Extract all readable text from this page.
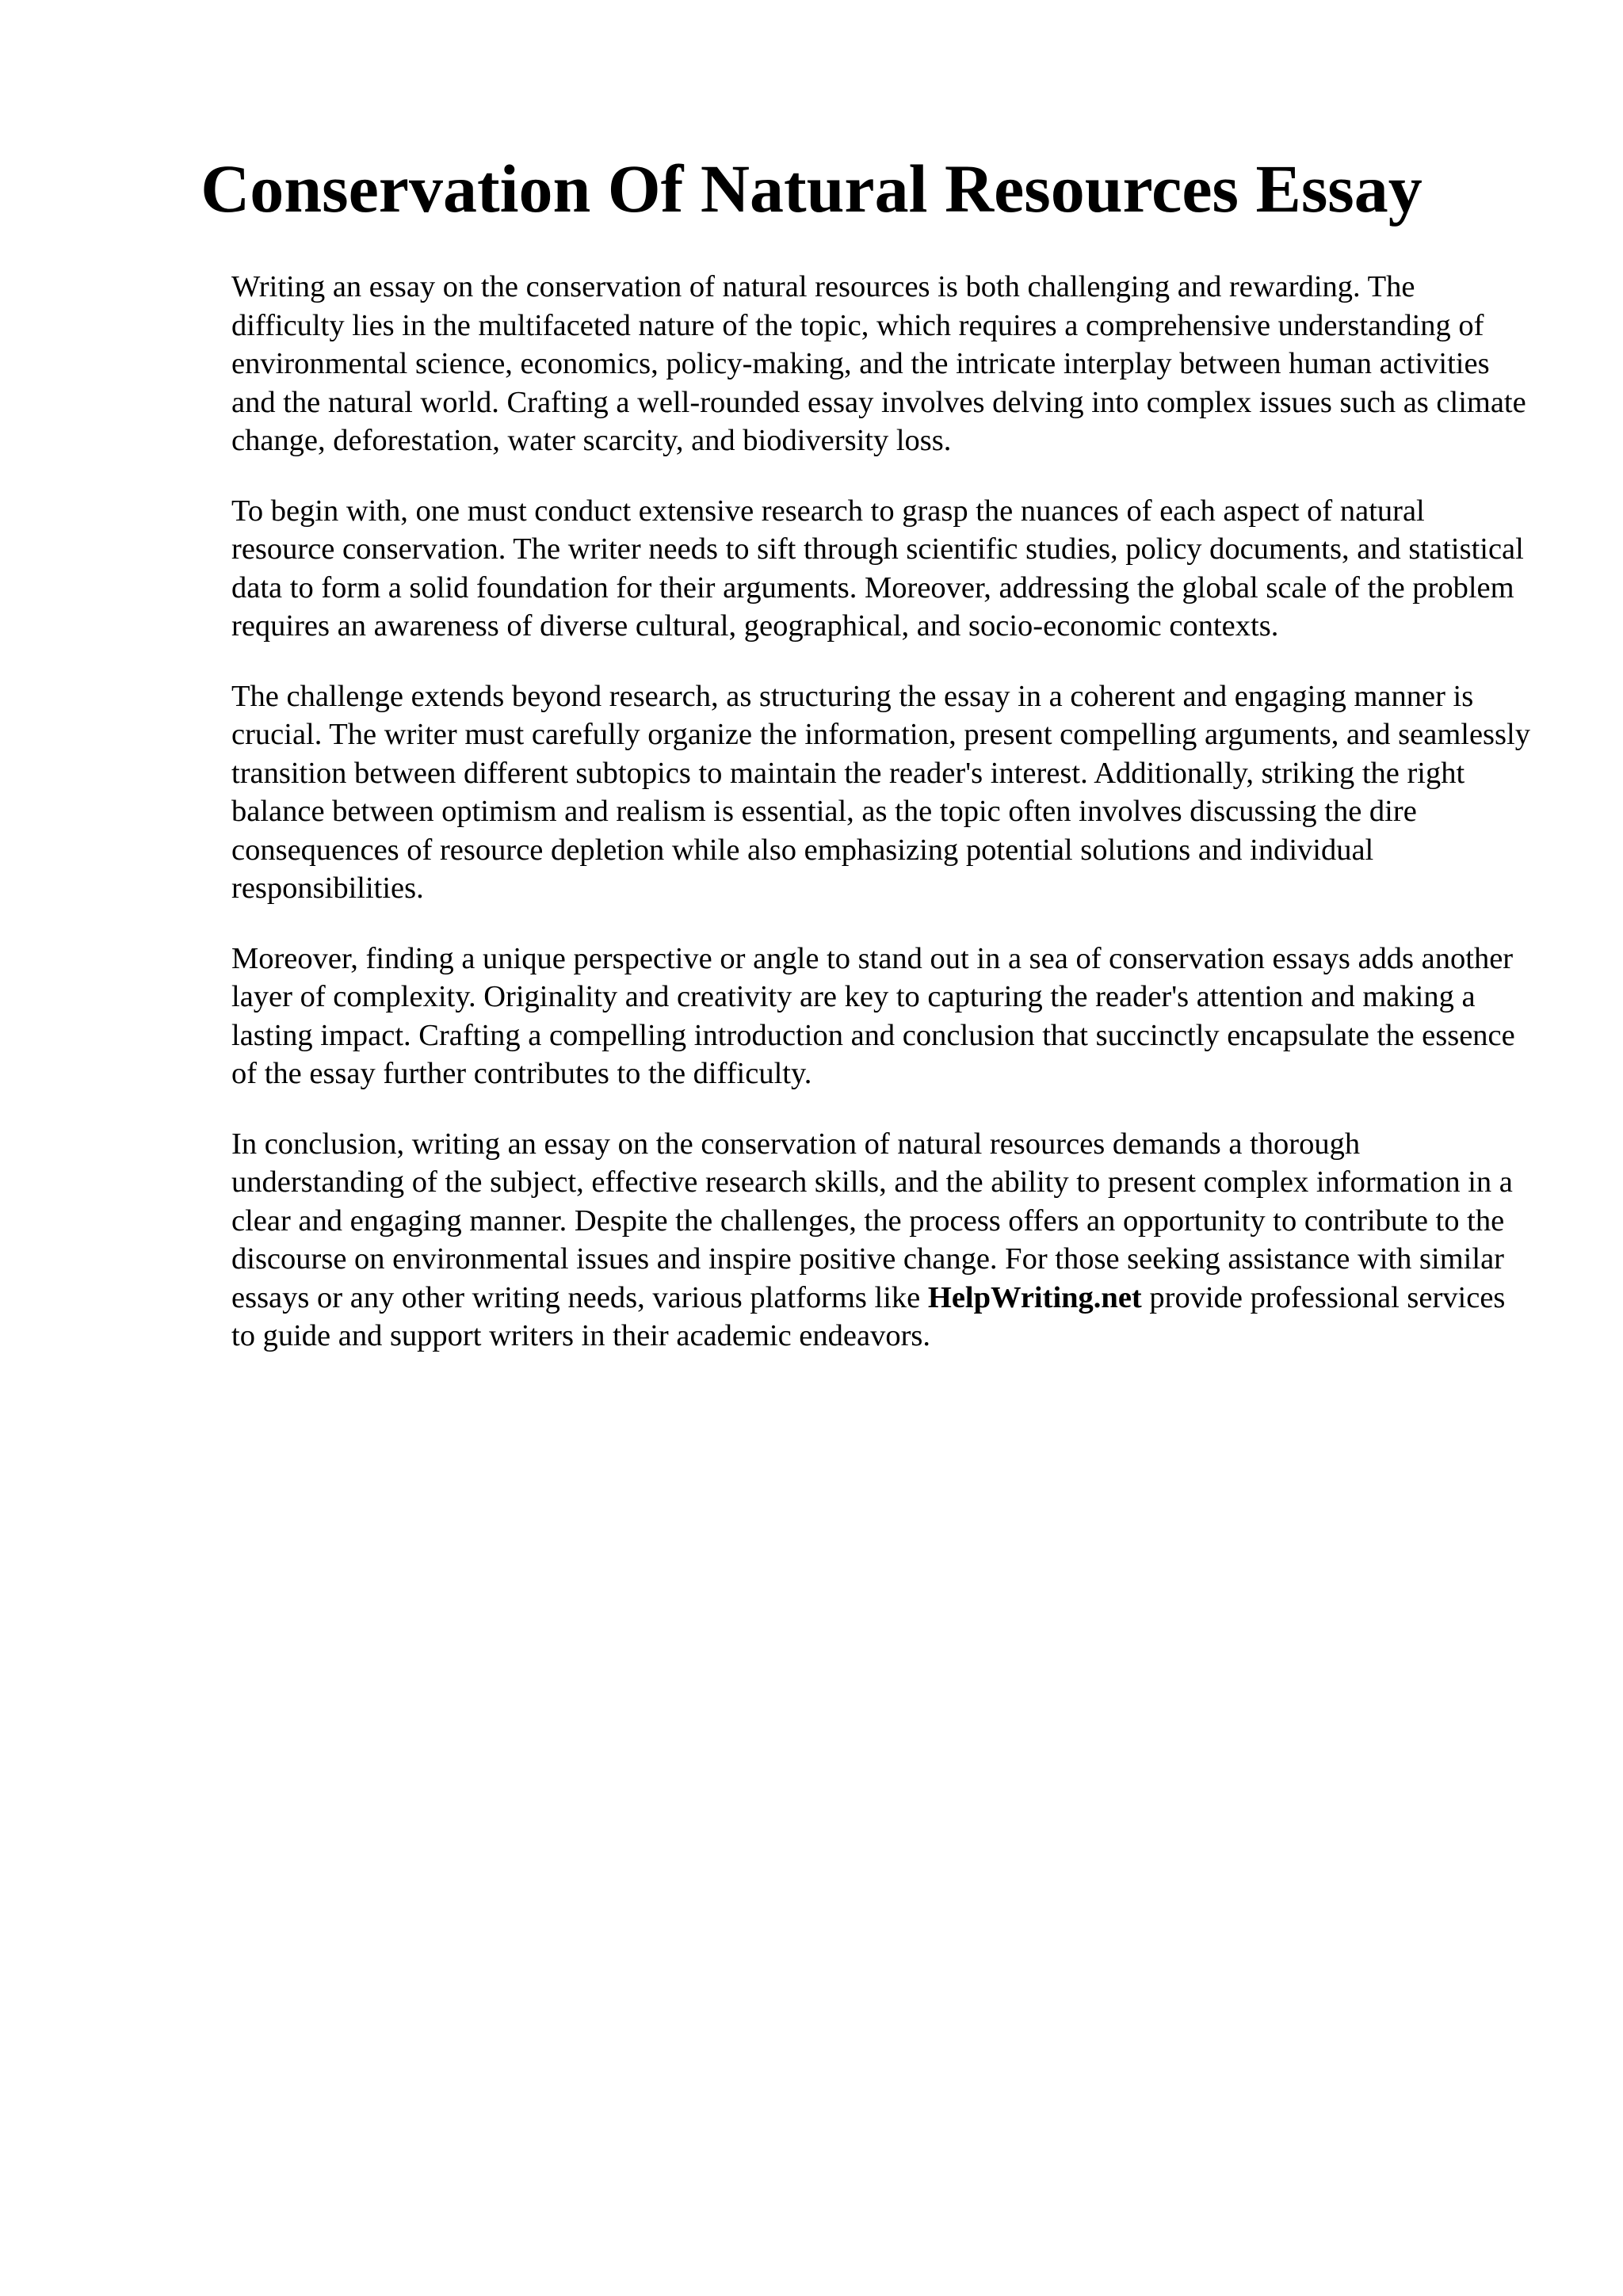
Conservation Of Natural Resources Essay

Writing an essay on the conservation of natural resources is both challenging and rewarding. The difficulty lies in the multifaceted nature of the topic, which requires a comprehensive understanding of environmental science, economics, policy-making, and the intricate interplay between human activities and the natural world. Crafting a well-rounded essay involves delving into complex issues such as climate change, deforestation, water scarcity, and biodiversity loss.

To begin with, one must conduct extensive research to grasp the nuances of each aspect of natural resource conservation. The writer needs to sift through scientific studies, policy documents, and statistical data to form a solid foundation for their arguments. Moreover, addressing the global scale of the problem requires an awareness of diverse cultural, geographical, and socio-economic contexts.

The challenge extends beyond research, as structuring the essay in a coherent and engaging manner is crucial. The writer must carefully organize the information, present compelling arguments, and seamlessly transition between different subtopics to maintain the reader's interest. Additionally, striking the right balance between optimism and realism is essential, as the topic often involves discussing the dire consequences of resource depletion while also emphasizing potential solutions and individual responsibilities.

Moreover, finding a unique perspective or angle to stand out in a sea of conservation essays adds another layer of complexity. Originality and creativity are key to capturing the reader's attention and making a lasting impact. Crafting a compelling introduction and conclusion that succinctly encapsulate the essence of the essay further contributes to the difficulty.

In conclusion, writing an essay on the conservation of natural resources demands a thorough understanding of the subject, effective research skills, and the ability to present complex information in a clear and engaging manner. Despite the challenges, the process offers an opportunity to contribute to the discourse on environmental issues and inspire positive change. For those seeking assistance with similar essays or any other writing needs, various platforms like HelpWriting.net provide professional services to guide and support writers in their academic endeavors.
